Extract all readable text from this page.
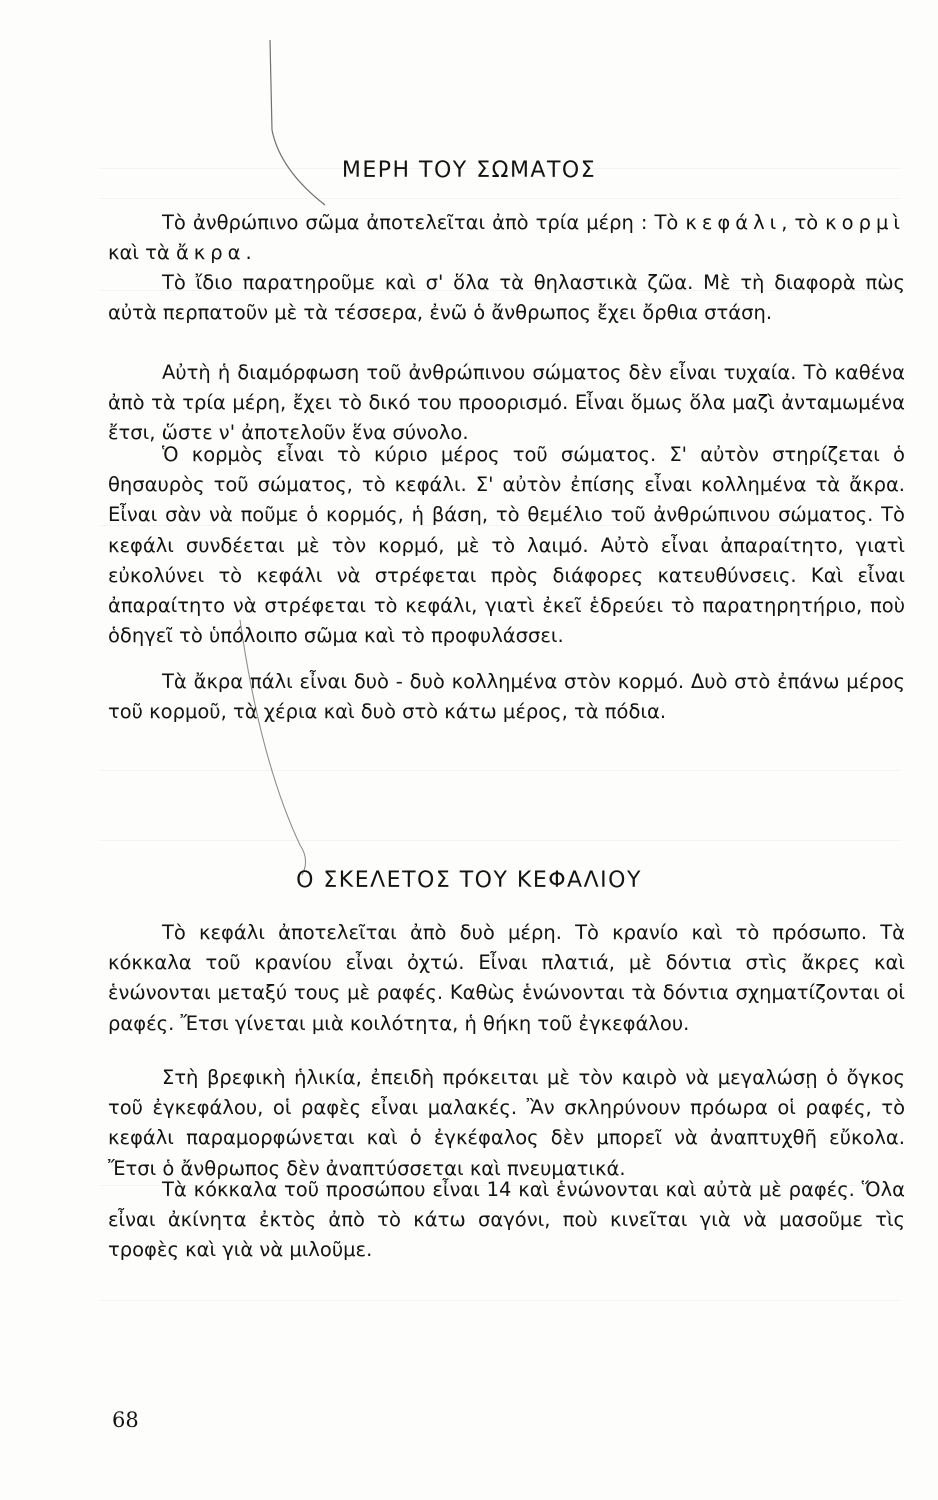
ΜΕΡΗ ΤΟΥ ΣΩΜΑΤΟΣ

Τὸ ἀνθρώπινο σῶμα ἀποτελεῖται ἀπὸ τρία μέρη : Τὸ κεφάλι, τὸ κορμὶ καὶ τὰ ἄκρα.

Τὸ ἴδιο παρατηροῦμε καὶ σ' ὅλα τὰ θηλαστικὰ ζῶα. Μὲ τὴ διαφορὰ πὼς αὐτὰ περπατοῦν μὲ τὰ τέσσερα, ἐνῶ ὁ ἄνθρωπος ἔχει ὄρθια στάση.

Αὐτὴ ἡ διαμόρφωση τοῦ ἀνθρώπινου σώματος δὲν εἶναι τυχαία. Τὸ καθένα ἀπὸ τὰ τρία μέρη, ἔχει τὸ δικό του προορισμό. Εἶναι ὅμως ὅλα μαζὶ ἀνταμωμένα ἔτσι, ὥστε ν' ἀποτελοῦν ἕνα σύνολο.

Ὁ κορμὸς εἶναι τὸ κύριο μέρος τοῦ σώματος. Σ' αὐτὸν στηρίζεται ὁ θησαυρὸς τοῦ σώματος, τὸ κεφάλι. Σ' αὐτὸν ἐπίσης εἶναι κολλημένα τὰ ἄκρα. Εἶναι σὰν νὰ ποῦμε ὁ κορμός, ἡ βάση, τὸ θεμέλιο τοῦ ἀνθρώπινου σώματος. Τὸ κεφάλι συνδέεται μὲ τὸν κορμό, μὲ τὸ λαιμό. Αὐτὸ εἶναι ἀπαραίτητο, γιατὶ εὐκολύνει τὸ κεφάλι νὰ στρέφεται πρὸς διάφορες κατευθύνσεις. Καὶ εἶναι ἀπαραίτητο νὰ στρέφεται τὸ κεφάλι, γιατὶ ἐκεῖ ἑδρεύει τὸ παρατηρητήριο, ποὺ ὁδηγεῖ τὸ ὑπόλοιπο σῶμα καὶ τὸ προφυλάσσει.

Τὰ ἄκρα πάλι εἶναι δυὸ - δυὸ κολλημένα στὸν κορμό. Δυὸ στὸ ἐπάνω μέρος τοῦ κορμοῦ, τὰ χέρια καὶ δυὸ στὸ κάτω μέρος, τὰ πόδια.

Ο ΣΚΕΛΕΤΟΣ ΤΟΥ ΚΕΦΑΛΙΟΥ

Τὸ κεφάλι ἀποτελεῖται ἀπὸ δυὸ μέρη. Τὸ κρανίο καὶ τὸ πρόσωπο. Τὰ κόκκαλα τοῦ κρανίου εἶναι ὀχτώ. Εἶναι πλατιά, μὲ δόντια στὶς ἄκρες καὶ ἑνώνονται μεταξύ τους μὲ ραφές. Καθὼς ἑνώνονται τὰ δόντια σχηματίζονται οἱ ραφές. Ἔτσι γίνεται μιὰ κοιλότητα, ἡ θήκη τοῦ ἐγκεφάλου.

Στὴ βρεφικὴ ἡλικία, ἐπειδὴ πρόκειται μὲ τὸν καιρὸ νὰ μεγαλώσῃ ὁ ὄγκος τοῦ ἐγκεφάλου, οἱ ραφὲς εἶναι μαλακές. Ἂν σκληρύνουν πρόωρα οἱ ραφές, τὸ κεφάλι παραμορφώνεται καὶ ὁ ἐγκέφαλος δὲν μπορεῖ νὰ ἀναπτυχθῆ εὔκολα. Ἔτσι ὁ ἄνθρωπος δὲν ἀναπτύσσεται καὶ πνευματικά.

Τὰ κόκκαλα τοῦ προσώπου εἶναι 14 καὶ ἑνώνονται καὶ αὐτὰ μὲ ραφές. Ὅλα εἶναι ἀκίνητα ἐκτὸς ἀπὸ τὸ κάτω σαγόνι, ποὺ κινεῖται γιὰ νὰ μασοῦμε τὶς τροφὲς καὶ γιὰ νὰ μιλοῦμε.

68
